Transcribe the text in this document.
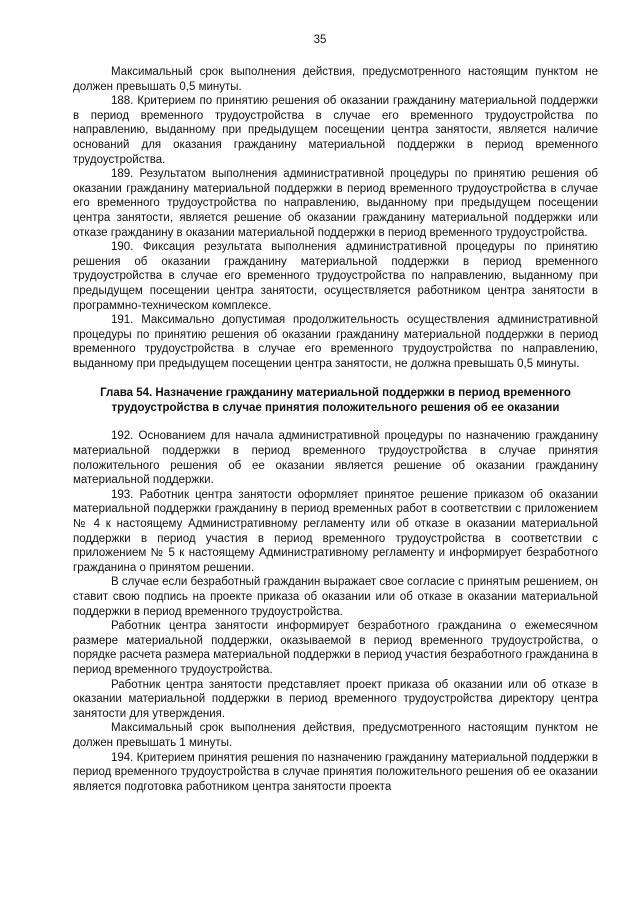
35

Максимальный срок выполнения действия, предусмотренного настоящим пунктом не должен превышать 0,5 минуты.

188. Критерием по принятию решения об оказании гражданину материальной поддержки в период временного трудоустройства в случае его временного трудоустройства по направлению, выданному при предыдущем посещении центра занятости, является наличие оснований для оказания гражданину материальной поддержки в период временного трудоустройства.

189. Результатом выполнения административной процедуры по принятию решения об оказании гражданину материальной поддержки в период временного трудоустройства в случае его временного трудоустройства по направлению, выданному при предыдущем посещении центра занятости, является решение об оказании гражданину материальной поддержки или отказе гражданину в оказании материальной поддержки в период временного трудоустройства.

190. Фиксация результата выполнения административной процедуры по принятию решения об оказании гражданину материальной поддержки в период временного трудоустройства в случае его временного трудоустройства по направлению, выданному при предыдущем посещении центра занятости, осуществляется работником центра занятости в программно-техническом комплексе.

191. Максимально допустимая продолжительность осуществления административной процедуры по принятию решения об оказании гражданину материальной поддержки в период временного трудоустройства в случае его временного трудоустройства по направлению, выданному при предыдущем посещении центра занятости, не должна превышать 0,5 минуты.

Глава 54. Назначение гражданину материальной поддержки в период временного трудоустройства в случае принятия положительного решения об ее оказании

192. Основанием для начала административной процедуры по назначению гражданину материальной поддержки в период временного трудоустройства в случае принятия положительного решения об ее оказании является решение об оказании гражданину материальной поддержки.

193. Работник центра занятости оформляет принятое решение приказом об оказании материальной поддержки гражданину в период временных работ в соответствии с приложением № 4 к настоящему Административному регламенту или об отказе в оказании материальной поддержки в период участия в период временного трудоустройства в соответствии с приложением № 5 к настоящему Административному регламенту и информирует безработного гражданина о принятом решении.

В случае если безработный гражданин выражает свое согласие с принятым решением, он ставит свою подпись на проекте приказа об оказании или об отказе в оказании материальной поддержки в период временного трудоустройства.

Работник центра занятости информирует безработного гражданина о ежемесячном размере материальной поддержки, оказываемой в период временного трудоустройства, о порядке расчета размера материальной поддержки в период участия безработного гражданина в период временного трудоустройства.

Работник центра занятости представляет проект приказа об оказании или об отказе в оказании материальной поддержки в период временного трудоустройства директору центра занятости для утверждения.

Максимальный срок выполнения действия, предусмотренного настоящим пунктом не должен превышать 1 минуты.

194. Критерием принятия решения по назначению гражданину материальной поддержки в период временного трудоустройства в случае принятия положительного решения об ее оказании является подготовка работником центра занятости проекта
